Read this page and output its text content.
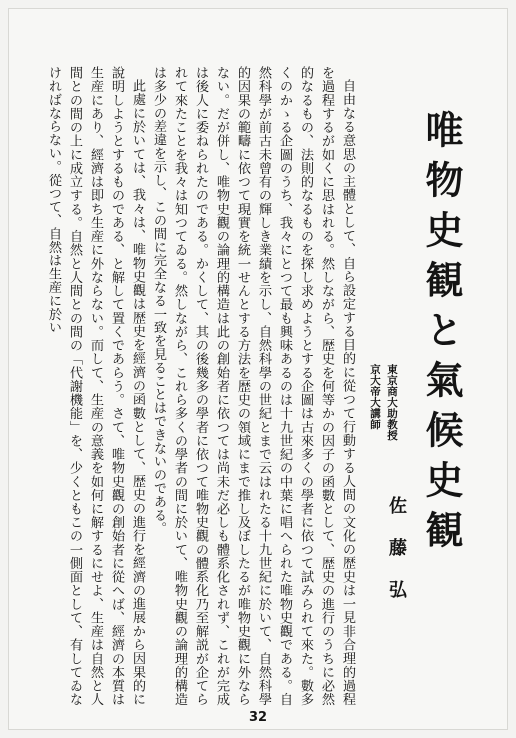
唯物史観と氣候史観
東京商大助教授
京大帝大講師
佐藤弘

自由なる意思の主體として、自ら設定する目的に從つて行動する人間の文化の歴史は一見非合理的過程を過程するが如くに思はれる。然しながら、歴史を何等かの因子の函數として、歴史の進行のうちに必然的なるもの、法則的なるものを探し求めようとする企圖は古來多くの學者に依つて試みられて來た。數多くのかゝる企圖のうち、我々にとつて最も興味あるのは十九世紀の中葉に唱へられた唯物史觀である。自然科學が前古未曾有の輝しき業績を示し、自然科學の世紀とまで云はれたる十九世紀に於いて、自然科學的因果の範疇に依つて現實を統一せんとする方法を歴史の領域にまで推し及ぼしたるが唯物史觀に外ならない。だが併し、唯物史觀の論理的構造は此の創始者に依つては尚未だ必しも體系化されず、これが完成は後人に委ねられたのである。かくして、其の後幾多の學者に依つて唯物史觀の體系化乃至解説が企てられて來たことを我々は知つてゐる。然しながら、これら多くの學者の間に於いて、唯物史觀の論理的構造は多少の差違を示し、この間に完全なる一致を見ることはできないのである。

此處に於いては、我々は、唯物史觀は歴史を經濟の函數として、歴史の進行を經濟の進展から因果的に說明しようとするものである、と解して置くであらう。さて、唯物史觀の創始者に從へば、經濟の本質は生産にあり、經濟は即ち生産に外ならない。而して、生産の意義を如何に解するにせよ、生産は自然と人間との間の上に成立する。自然と人間との間の「代謝機能」を、少くともこの一側面として、有してゐなければならない。從つて、自然は生産に於い

32
